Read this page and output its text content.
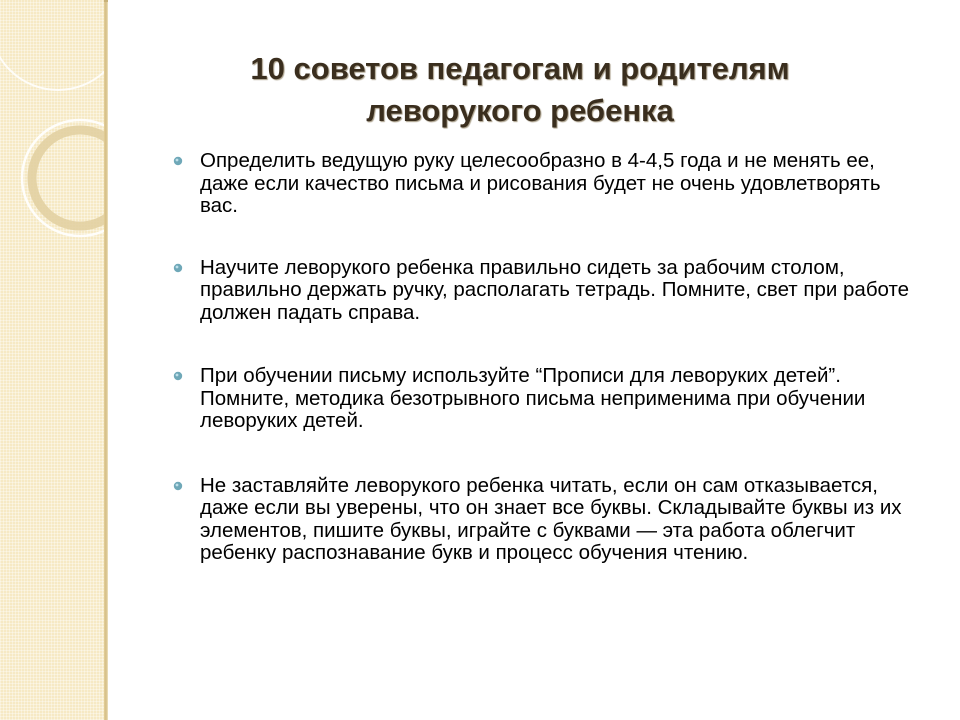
10 советов педагогам и родителям
леворукого ребенка
Определить ведущую руку целесообразно в 4-4,5 года и не менять ее, даже если качество письма и рисования будет не очень удовлетворять вас.
Научите леворукого ребенка правильно сидеть за рабочим столом, правильно держать ручку, располагать тетрадь. Помните, свет при работе должен падать справа.
При обучении письму используйте “Прописи для леворуких детей”. Помните, методика безотрывного письма неприменима при обучении леворуких детей.
Не заставляйте леворукого ребенка читать, если он сам отказывается, даже если вы уверены, что он знает все буквы. Складывайте буквы из их элементов, пишите буквы, играйте с буквами — эта работа облегчит ребенку распознавание букв и процесс обучения чтению.
